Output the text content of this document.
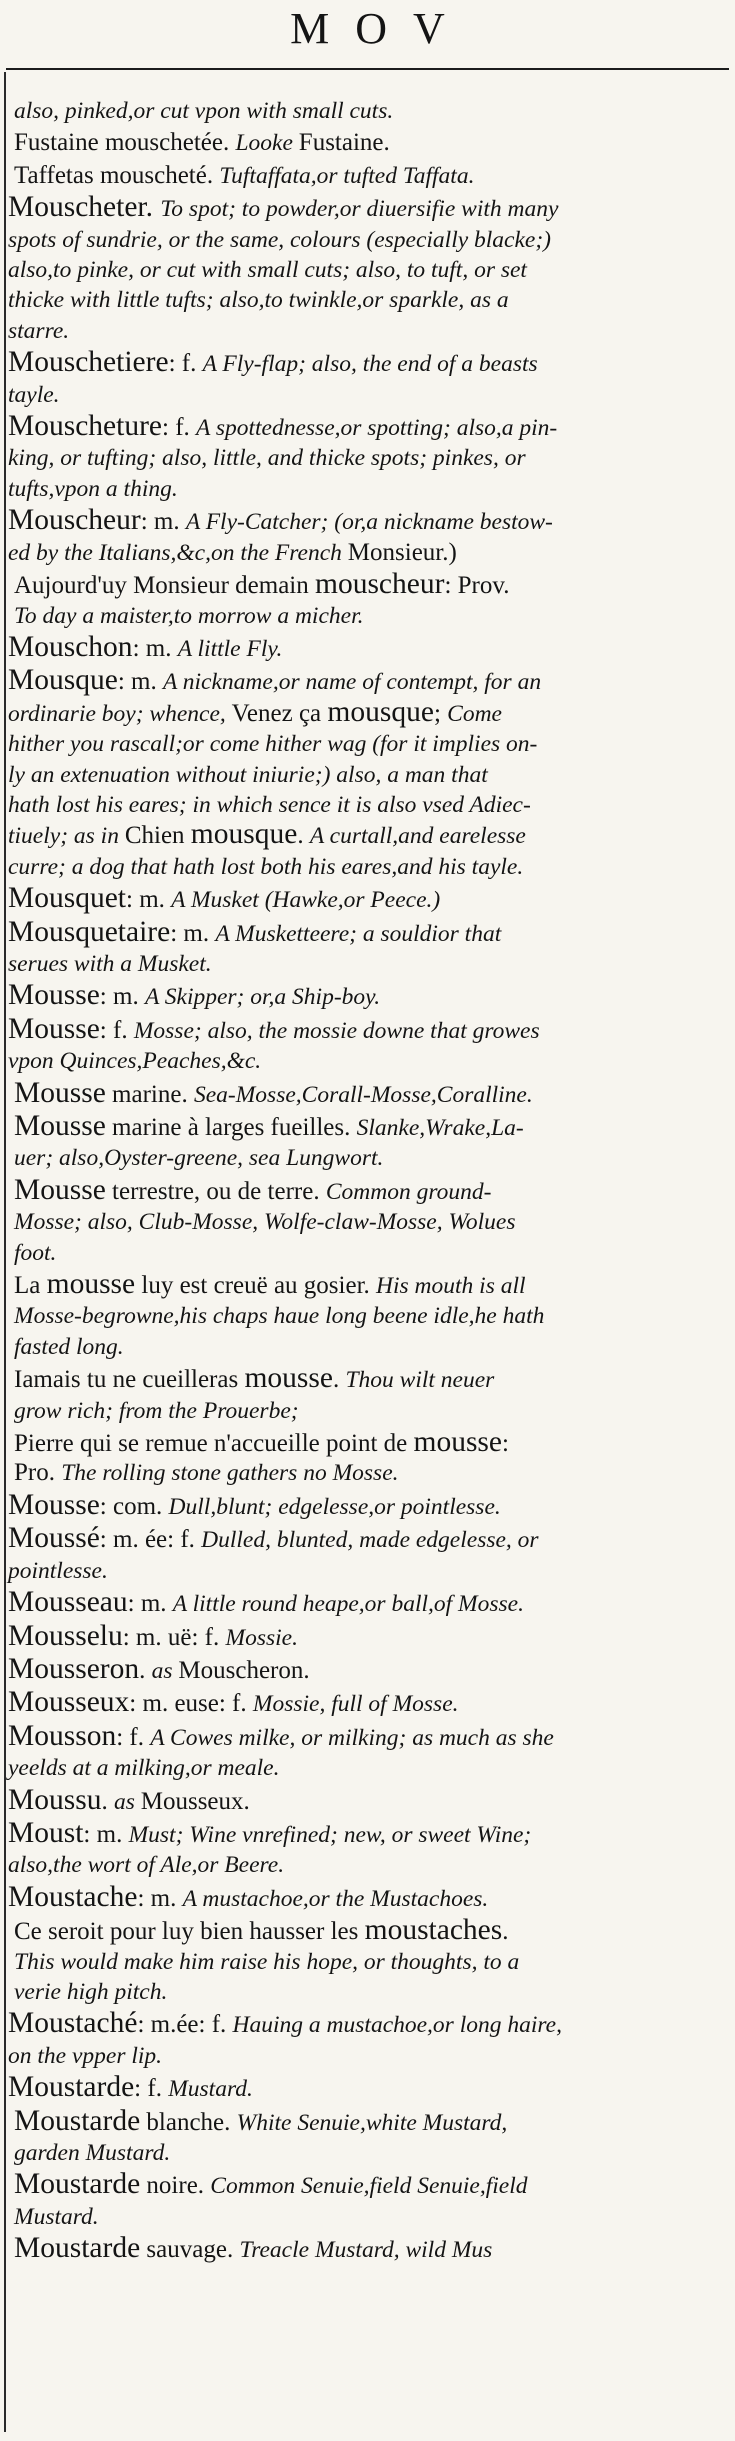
MOV
also, pinked,or cut vpon with small cuts.
Fustaine mouschetée. Looke Fustaine.
Taffetas mouscheté. Tuftaffata,or tufted Taffata.
Mouscheter. To spot; to powder,or diuersifie with many
spots of sundrie, or the same, colours (especially blacke;)
also,to pinke, or cut with small cuts; also, to tuft, or set
thicke with little tufts; also,to twinkle,or sparkle, as a
starre.
Mouschetiere: f. A Fly-flap; also, the end of a beasts
tayle.
Mouscheture: f. A spottednesse,or spotting; also,a pin-
king, or tufting; also, little, and thicke spots; pinkes, or
tufts,vpon a thing.
Mouscheur: m. A Fly-Catcher; (or,a nickname bestow-
ed by the Italians,&c,on the French Monsieur.)
Aujourd'uy Monsieur demain mouscheur: Prov.
To day a maister,to morrow a micher.
Mouschon: m. A little Fly.
Mousque: m. A nickname,or name of contempt, for an
ordinarie boy; whence, Venez ça mousque; Come
hither you rascall;or come hither wag (for it implies on-
ly an extenuation without iniurie;) also, a man that
hath lost his eares; in which sence it is also vsed Adiec-
tiuely; as in Chien mousque. A curtall,and earelesse
curre; a dog that hath lost both his eares,and his tayle.
Mousquet: m. A Musket (Hawke,or Peece.)
Mousquetaire: m. A Musketteere; a souldior that
serues with a Musket.
Mousse: m. A Skipper; or,a Ship-boy.
Mousse: f. Mosse; also, the mossie downe that growes
vpon Quinces,Peaches,&c.
Mousse marine. Sea-Mosse,Corall-Mosse,Coralline.
Mousse marine à larges fueilles. Slanke,Wrake,La-
uer; also,Oyster-greene, sea Lungwort.
Mousse terrestre, ou de terre. Common ground-
Mosse; also, Club-Mosse, Wolfe-claw-Mosse, Wolues
foot.
La mousse luy est creuë au gosier. His mouth is all
Mosse-begrowne,his chaps haue long beene idle,he hath
fasted long.
Iamais tu ne cueilleras mousse. Thou wilt neuer
grow rich; from the Prouerbe;
Pierre qui se remue n'accueille point de mousse:
Pro. The rolling stone gathers no Mosse.
Mousse: com. Dull,blunt; edgelesse,or pointlesse.
Moussé: m. ée: f. Dulled, blunted, made edgelesse, or
pointlesse.
Mousseau: m. A little round heape,or ball,of Mosse.
Mousselu: m. uë: f. Mossie.
Mousseron. as Mouscheron.
Mousseux: m. euse: f. Mossie, full of Mosse.
Mousson: f. A Cowes milke, or milking; as much as she
yeelds at a milking,or meale.
Moussu. as Mousseux.
Moust: m. Must; Wine vnrefined; new, or sweet Wine;
also,the wort of Ale,or Beere.
Moustache: m. A mustachoe,or the Mustachoes.
Ce seroit pour luy bien hausser les moustaches.
This would make him raise his hope, or thoughts, to a
verie high pitch.
Moustaché: m.ée: f. Hauing a mustachoe,or long haire,
on the vpper lip.
Moustarde: f. Mustard.
Moustarde blanche. White Senuie,white Mustard,
garden Mustard.
Moustarde noire. Common Senuie,field Senuie,field
Mustard.
Moustarde sauvage. Treacle Mustard, wild Mus
